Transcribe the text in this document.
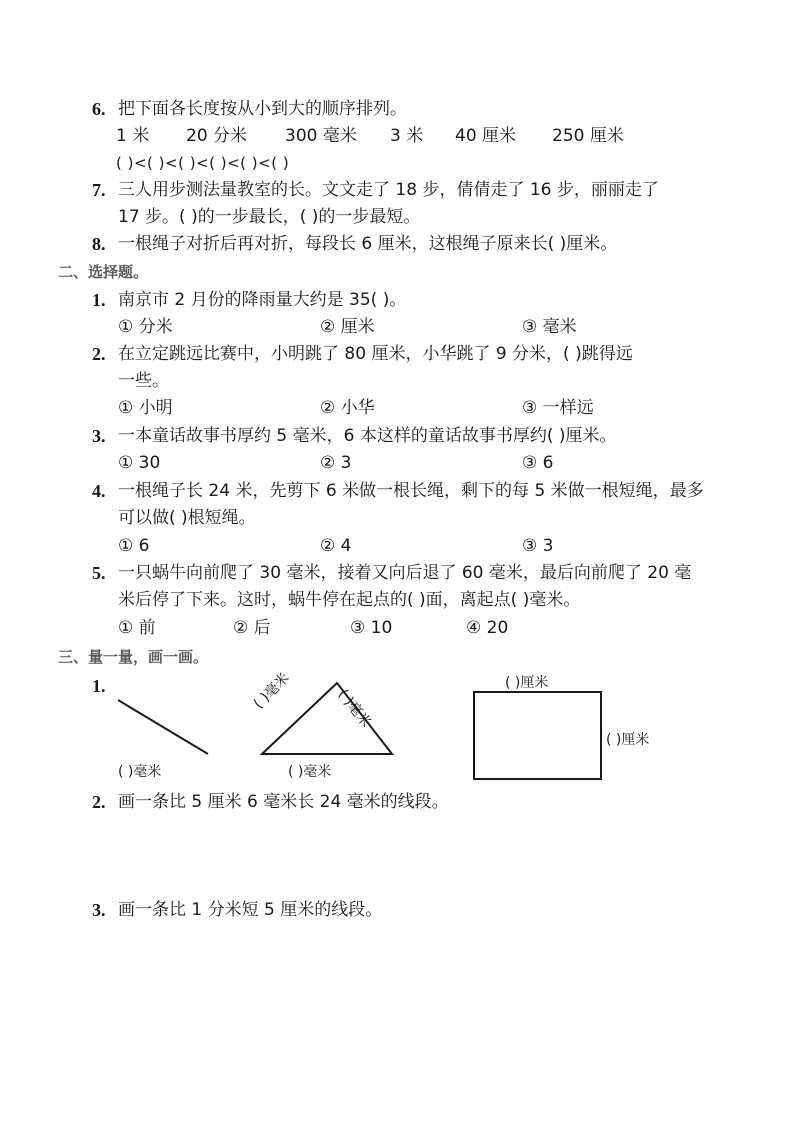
6. 把下面各长度按从小到大的顺序排列。
1 米 20 分米 300 毫米 3 米 40 厘米 250 厘米
( )<( )<( )<( )<( )<( )
7. 三人用步测法量教室的长。文文走了 18 步，倩倩走了 16 步，丽丽走了
17 步。( )的一步最长，( )的一步最短。
8. 一根绳子对折后再对折，每段长 6 厘米，这根绳子原来长( )厘米。
二、选择题。
1. 南京市 2 月份的降雨量大约是 35( )。
① 分米	② 厘米	③ 毫米
2. 在立定跳远比赛中，小明跳了 80 厘米，小华跳了 9 分米，( )跳得远
一些。
① 小明	② 小华	③ 一样远
3. 一本童话故事书厚约 5 毫米，6 本这样的童话故事书厚约( )厘米。
① 30	② 3	③ 6
4. 一根绳子长 24 米，先剪下 6 米做一根长绳，剩下的每 5 米做一根短绳，最多
可以做( )根短绳。
① 6	② 4	③ 3
5. 一只蜗牛向前爬了 30 毫米，接着又向后退了 60 毫米，最后向前爬了 20 毫
米后停了下来。这时，蜗牛停在起点的( )面，离起点( )毫米。
① 前	② 后	③ 10	④ 20
三、量一量，画一画。
1.
( )毫米
( )毫米	( )毫米
( )毫米
( )厘米
( )厘米
2. 画一条比 5 厘米 6 毫米长 24 毫米的线段。
3. 画一条比 1 分米短 5 厘米的线段。
